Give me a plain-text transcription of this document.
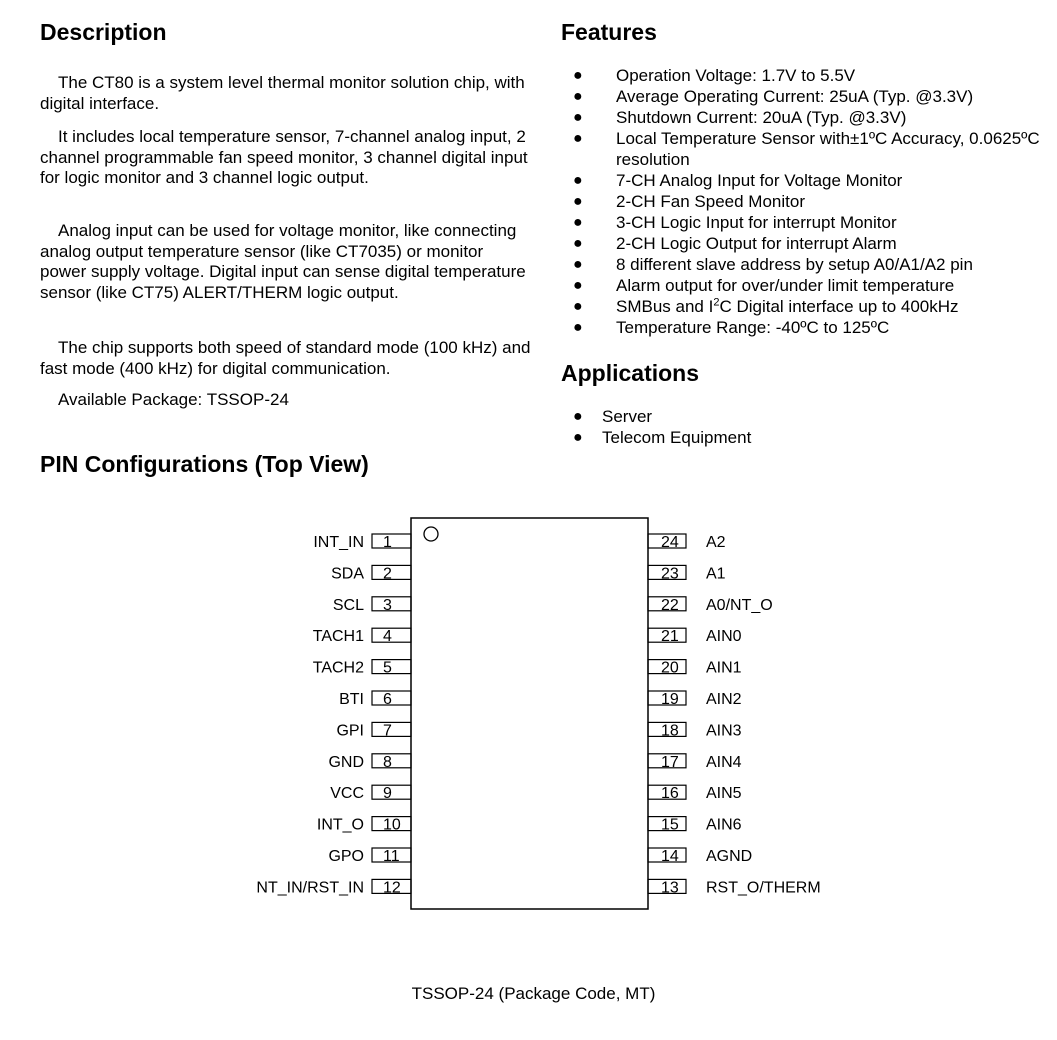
Description
The CT80 is a system level thermal monitor solution chip, with digital interface.
It includes local temperature sensor, 7-channel analog input, 2 channel programmable fan speed monitor, 3 channel digital input for logic monitor and 3 channel logic output.
Analog input can be used for voltage monitor, like connecting analog output temperature sensor (like CT7035) or monitor power supply voltage. Digital input can sense digital temperature sensor (like CT75) ALERT/THERM logic output.
The chip supports both speed of standard mode (100 kHz) and fast mode (400 kHz) for digital communication.
Available Package: TSSOP-24
Features
● Operation Voltage: 1.7V to 5.5V
● Average Operating Current: 25uA (Typ. @3.3V)
● Shutdown Current: 20uA (Typ. @3.3V)
● Local Temperature Sensor with±1ºC Accuracy, 0.0625ºC resolution
● 7-CH Analog Input for Voltage Monitor
● 2-CH Fan Speed Monitor
● 3-CH Logic Input for interrupt Monitor
● 2-CH Logic Output for interrupt Alarm
● 8 different slave address by setup A0/A1/A2 pin
● Alarm output for over/under limit temperature
● SMBus and $I^2C$ Digital interface up to 400kHz
● Temperature Range: -40ºC to 125ºC
Applications
● Server
● Telecom Equipment
PIN Configurations (Top View)
1
INT_IN
2
SDA
3
SCL
4
TACH1
5
TACH2
6
BTI
7
GPI
8
GND
9
VCC
10
INT_O
11
GPO
12
NT_IN/RST_IN
24 A2
23 A1
22 A0/NT_O
21 AIN0
20 AIN1
19 AIN2
18 AIN3
17 AIN4
16 AIN5
15 AIN6
14 AGND
13 RST_O/THERM
TSSOP-24 (Package Code, MT)
